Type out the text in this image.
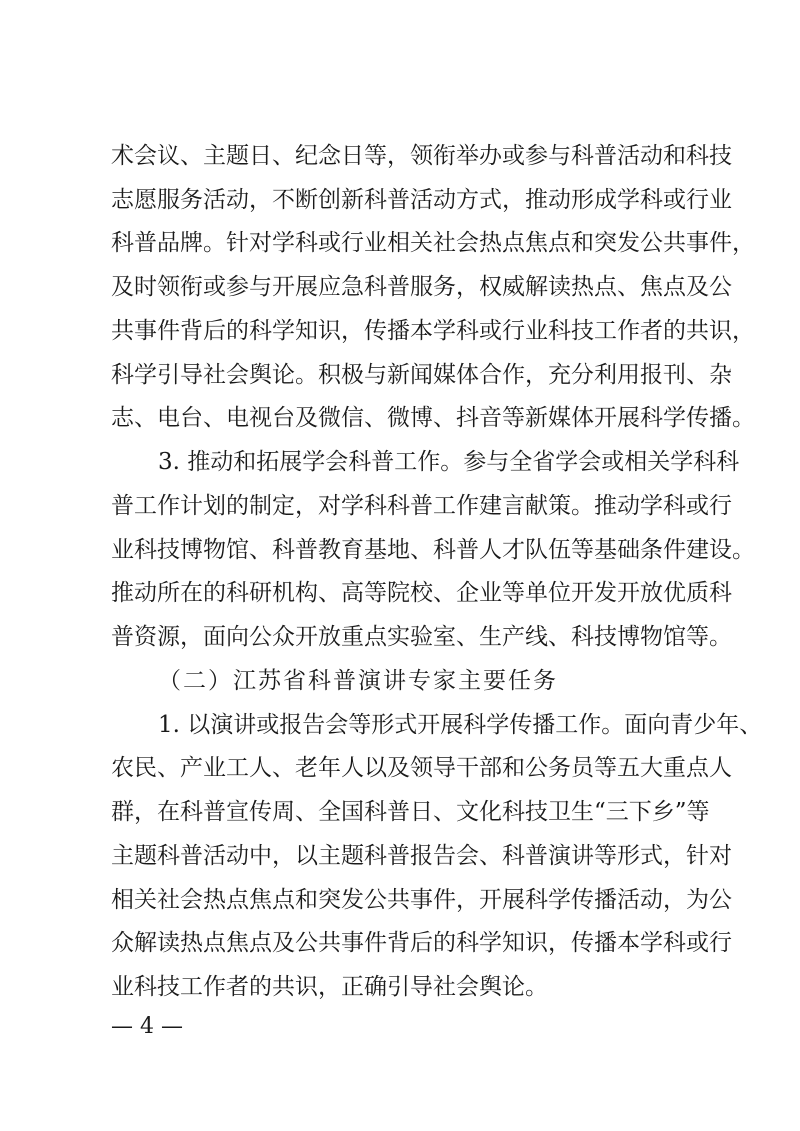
术会议、主题日、纪念日等，领衔举办或参与科普活动和科技
志愿服务活动，不断创新科普活动方式，推动形成学科或行业
科普品牌。针对学科或行业相关社会热点焦点和突发公共事件，
及时领衔或参与开展应急科普服务，权威解读热点、焦点及公
共事件背后的科学知识，传播本学科或行业科技工作者的共识，
科学引导社会舆论。积极与新闻媒体合作，充分利用报刊、杂
志、电台、电视台及微信、微博、抖音等新媒体开展科学传播。
3. 推动和拓展学会科普工作。参与全省学会或相关学科科
普工作计划的制定，对学科科普工作建言献策。推动学科或行
业科技博物馆、科普教育基地、科普人才队伍等基础条件建设。
推动所在的科研机构、高等院校、企业等单位开发开放优质科
普资源，面向公众开放重点实验室、生产线、科技博物馆等。
（二）江苏省科普演讲专家主要任务
1. 以演讲或报告会等形式开展科学传播工作。面向青少年、
农民、产业工人、老年人以及领导干部和公务员等五大重点人
群，在科普宣传周、全国科普日、文化科技卫生“三下乡”等
主题科普活动中，以主题科普报告会、科普演讲等形式，针对
相关社会热点焦点和突发公共事件，开展科学传播活动，为公
众解读热点焦点及公共事件背后的科学知识，传播本学科或行
业科技工作者的共识，正确引导社会舆论。
— 4 —
